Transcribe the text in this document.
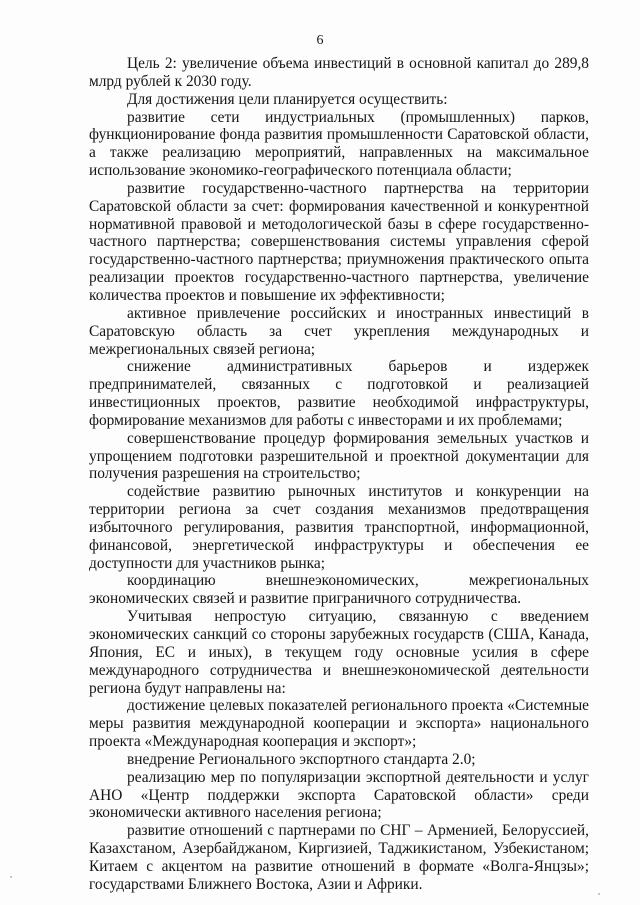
6

Цель 2: увеличение объема инвестиций в основной капитал до 289,8 млрд рублей к 2030 году.

Для достижения цели планируется осуществить:

развитие сети индустриальных (промышленных) парков, функционирование фонда развития промышленности Саратовской области, а также реализацию мероприятий, направленных на максимальное использование экономико-географического потенциала области;

развитие государственно-частного партнерства на территории Саратовской области за счет: формирования качественной и конкурентной нормативной правовой и методологической базы в сфере государственно-частного партнерства; совершенствования системы управления сферой государственно-частного партнерства; приумножения практического опыта реализации проектов государственно-частного партнерства, увеличение количества проектов и повышение их эффективности;

активное привлечение российских и иностранных инвестиций в Саратовскую область за счет укрепления международных и межрегиональных связей региона;

снижение административных барьеров и издержек предпринимателей, связанных с подготовкой и реализацией инвестиционных проектов, развитие необходимой инфраструктуры, формирование механизмов для работы с инвесторами и их проблемами;

совершенствование процедур формирования земельных участков и упрощением подготовки разрешительной и проектной документации для получения разрешения на строительство;

содействие развитию рыночных институтов и конкуренции на территории региона за счет создания механизмов предотвращения избыточного регулирования, развития транспортной, информационной, финансовой, энергетической инфраструктуры и обеспечения ее доступности для участников рынка;

координацию внешнеэкономических, межрегиональных экономических связей и развитие приграничного сотрудничества.

Учитывая непростую ситуацию, связанную с введением экономических санкций со стороны зарубежных государств (США, Канада, Япония, ЕС и иных), в текущем году основные усилия в сфере международного сотрудничества и внешнеэкономической деятельности региона будут направлены на:

достижение целевых показателей регионального проекта «Системные меры развития международной кооперации и экспорта» национального проекта «Международная кооперация и экспорт»;

внедрение Регионального экспортного стандарта 2.0;

реализацию мер по популяризации экспортной деятельности и услуг АНО «Центр поддержки экспорта Саратовской области» среди экономически активного населения региона;

развитие отношений с партнерами по СНГ – Арменией, Белоруссией, Казахстаном, Азербайджаном, Киргизией, Таджикистаном, Узбекистаном; Китаем с акцентом на развитие отношений в формате «Волга-Янцзы»; государствами Ближнего Востока, Азии и Африки.
